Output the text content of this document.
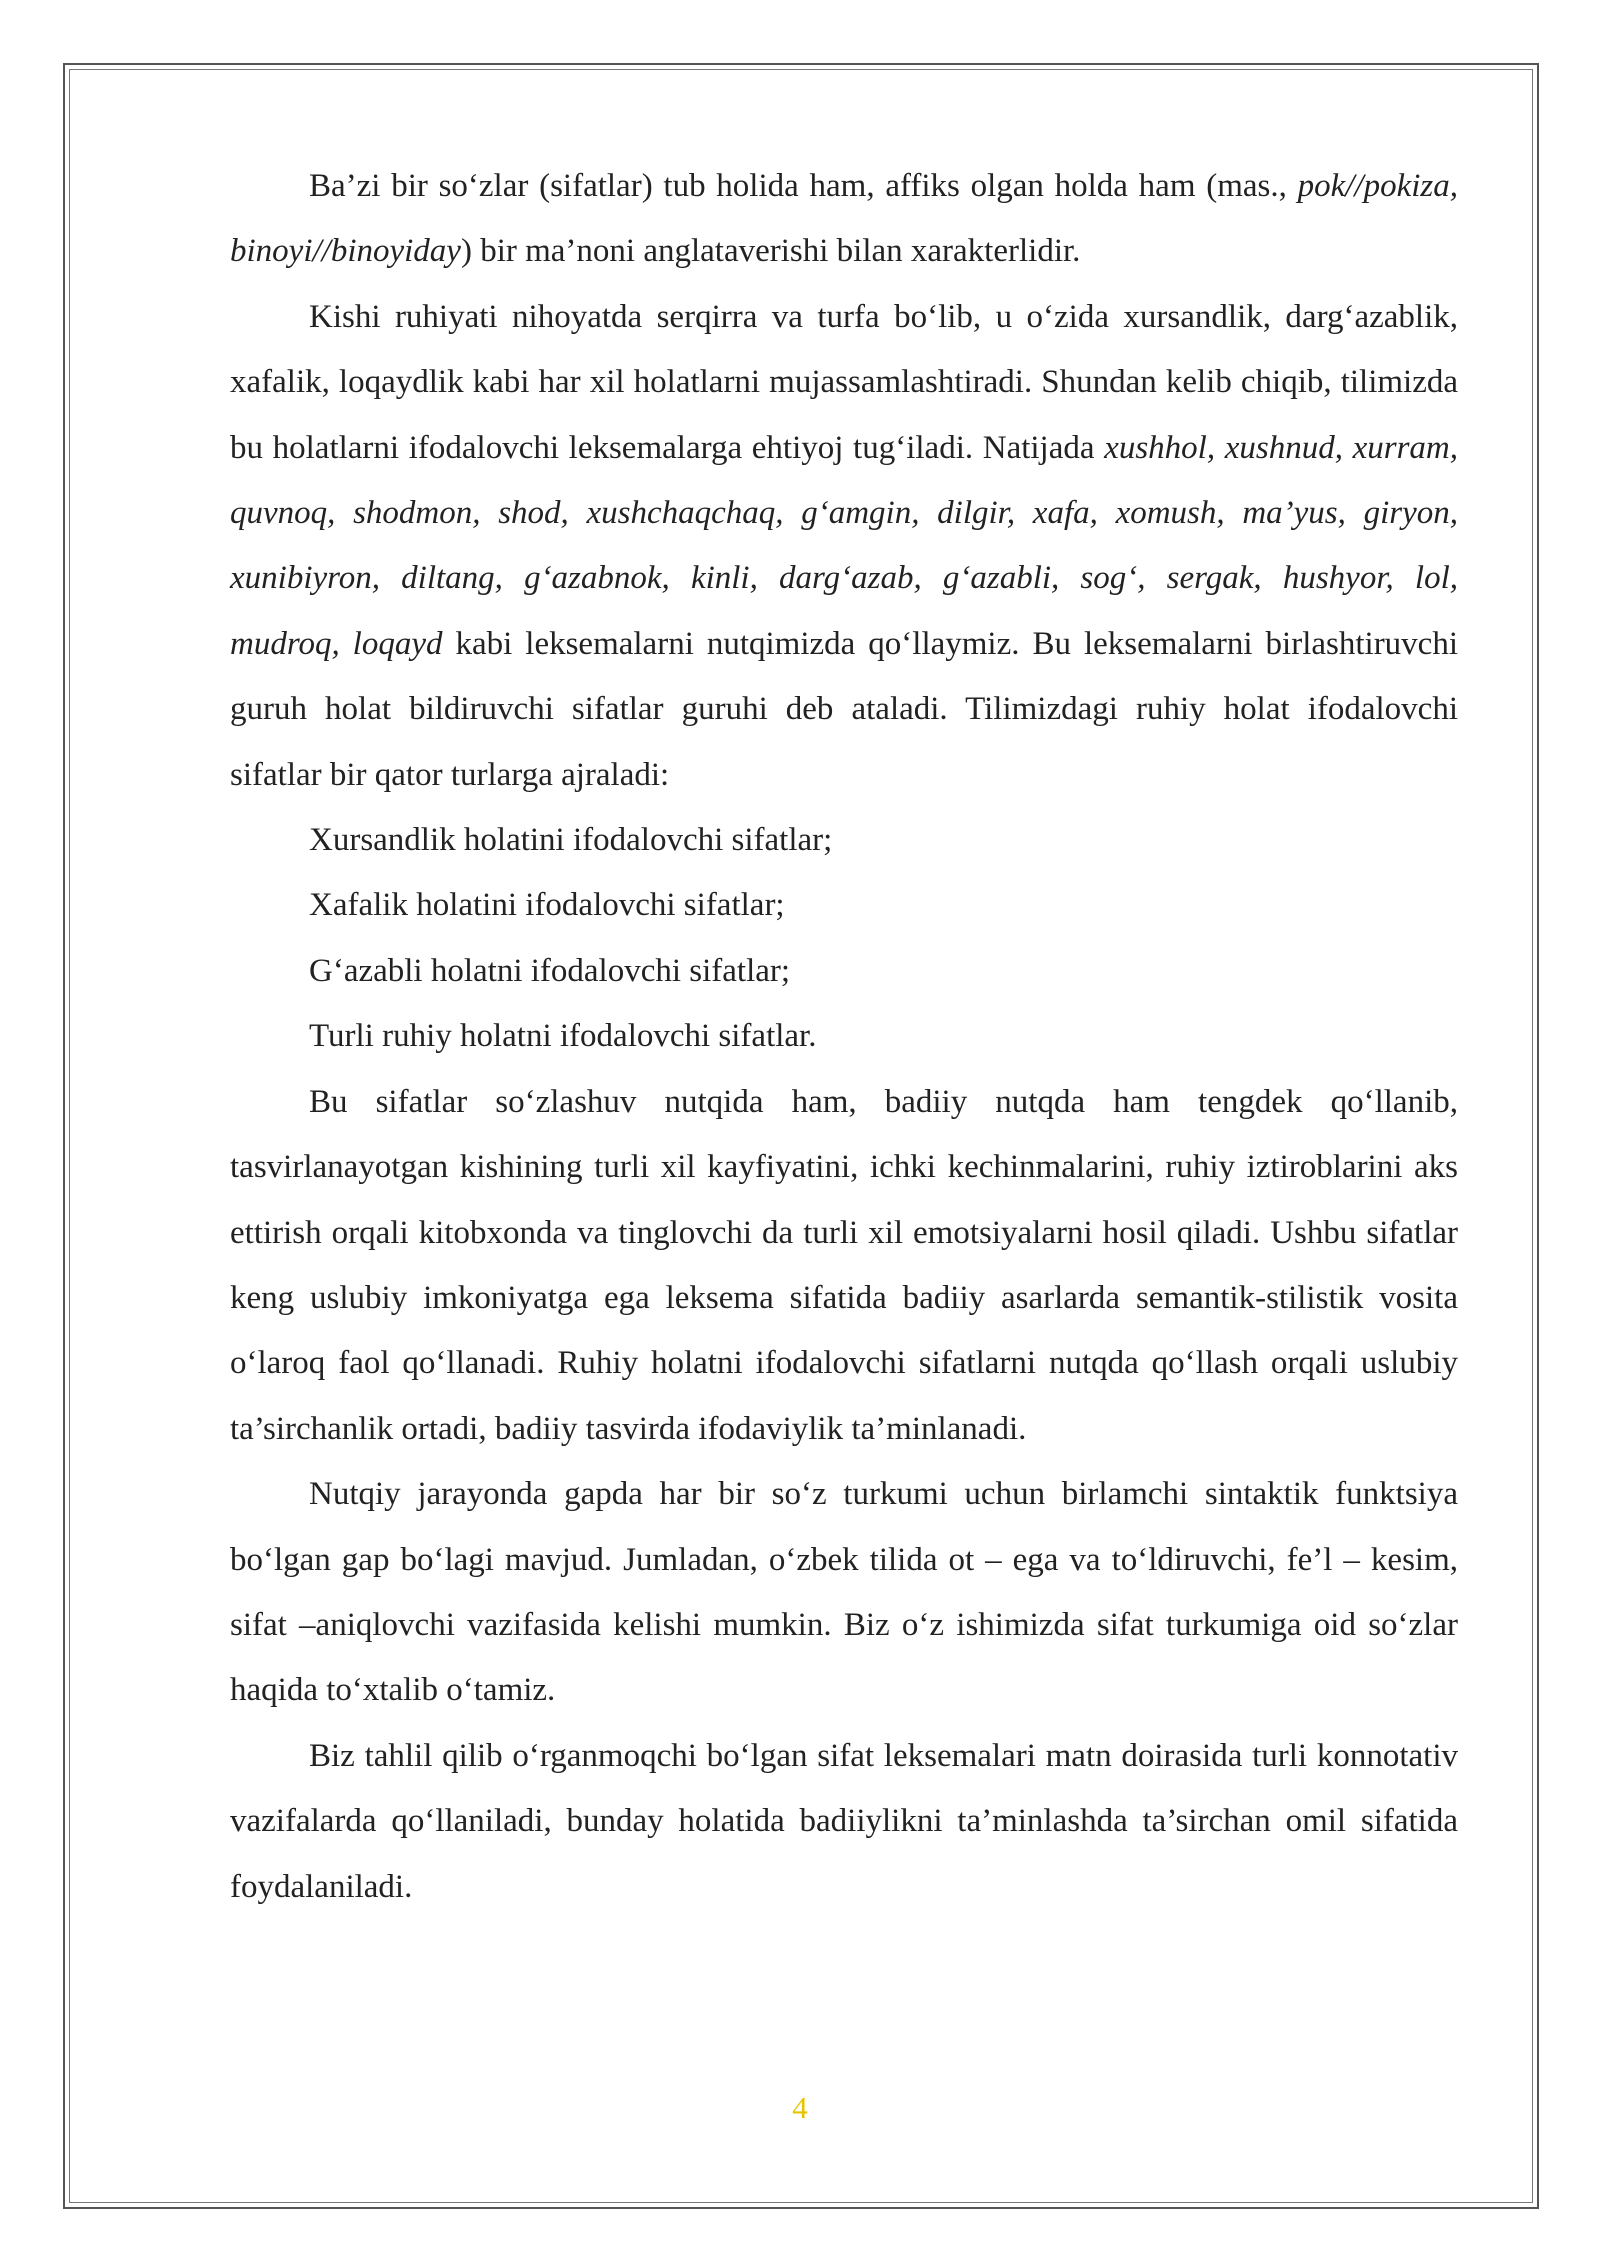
Ba’zi bir so‘zlar (sifatlar) tub holida ham, affiks olgan holda ham (mas., pok//pokiza, binoyi//binoyiday) bir ma’noni anglataverishi bilan xarakterlidir.

Kishi ruhiyati nihoyatda serqirra va turfa bo‘lib, u o‘zida xursandlik, darg‘azablik, xafalik, loqaydlik kabi har xil holatlarni mujassamlashtiradi. Shundan kelib chiqib, tilimizda bu holatlarni ifodalovchi leksemalarga ehtiyoj tug‘iladi. Natijada xushhol, xushnud, xurram, quvnoq, shodmon, shod, xushchaqchaq, g‘amgin, dilgir, xafa, xomush, ma’yus, giryon, xunibiyron, diltang, g‘azabnok, kinli, darg‘azab, g‘azabli, sog‘, sergak, hushyor, lol, mudroq, loqayd kabi leksemalarni nutqimizda qo‘llaymiz. Bu leksemalarni birlashtiruvchi guruh holat bildiruvchi sifatlar guruhi deb ataladi. Tilimizdagi ruhiy holat ifodalovchi sifatlar bir qator turlarga ajraladi:

Xursandlik holatini ifodalovchi sifatlar;

Xafalik holatini ifodalovchi sifatlar;

G‘azabli holatni ifodalovchi sifatlar;

Turli ruhiy holatni ifodalovchi sifatlar.

Bu sifatlar so‘zlashuv nutqida ham, badiiy nutqda ham tengdek qo‘llanib, tasvirlanayotgan kishining turli xil kayfiyatini, ichki kechinmalarini, ruhiy iztiroblarini aks ettirish orqali kitobxonda va tinglovchi da turli xil emotsiyalarni hosil qiladi. Ushbu sifatlar keng uslubiy imkoniyatga ega leksema sifatida badiiy asarlarda semantik-stilistik vosita o‘laroq faol qo‘llanadi. Ruhiy holatni ifodalovchi sifatlarni nutqda qo‘llash orqali uslubiy ta’sirchanlik ortadi, badiiy tasvirda ifodaviylik ta’minlanadi.

Nutqiy jarayonda gapda har bir so‘z turkumi uchun birlamchi sintaktik funktsiya bo‘lgan gap bo‘lagi mavjud. Jumladan, o‘zbek tilida ot – ega va to‘ldiruvchi, fe’l – kesim, sifat –aniqlovchi vazifasida kelishi mumkin. Biz o‘z ishimizda sifat turkumiga oid so‘zlar haqida to‘xtalib o‘tamiz.

Biz tahlil qilib o‘rganmoqchi bo‘lgan sifat leksemalari matn doirasida turli konnotativ vazifalarda qo‘llaniladi, bunday holatida badiiylikni ta’minlashda ta’sirchan omil sifatida foydalaniladi.

4
